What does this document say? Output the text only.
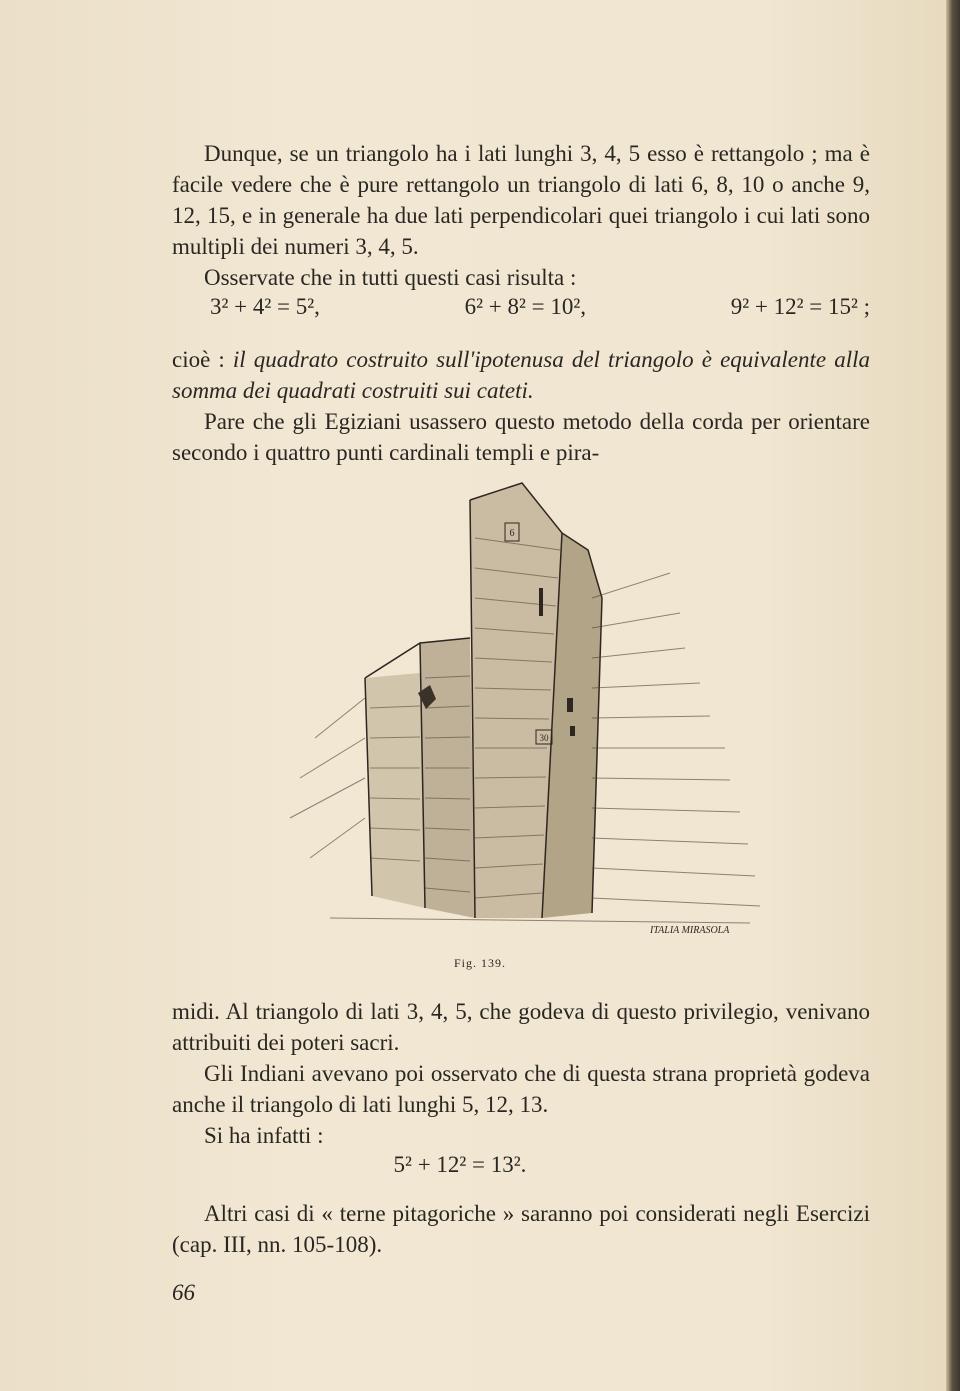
Dunque, se un triangolo ha i lati lunghi 3, 4, 5 esso è rettangolo ; ma è facile vedere che è pure rettangolo un triangolo di lati 6, 8, 10 o anche 9, 12, 15, e in generale ha due lati perpendicolari quei triangolo i cui lati sono multipli dei numeri 3, 4, 5.

Osservate che in tutti questi casi risulta :

3² + 4² = 5²,	6² + 8² = 10²,	9² + 12² = 15² ;

cioè : il quadrato costruito sull'ipotenusa del triangolo è equivalente alla somma dei quadrati costruiti sui cateti.

Pare che gli Egiziani usassero questo metodo della corda per orientare secondo i quattro punti cardinali templi e pira-

6
30
ITALIA MIRASOLA
Fig. 139.

midi. Al triangolo di lati 3, 4, 5, che godeva di questo privilegio, venivano attribuiti dei poteri sacri.

Gli Indiani avevano poi osservato che di questa strana proprietà godeva anche il triangolo di lati lunghi 5, 12, 13.

Si ha infatti :

5² + 12² = 13².

Altri casi di « terne pitagoriche » saranno poi considerati negli Esercizi (cap. III, nn. 105-108).

66
